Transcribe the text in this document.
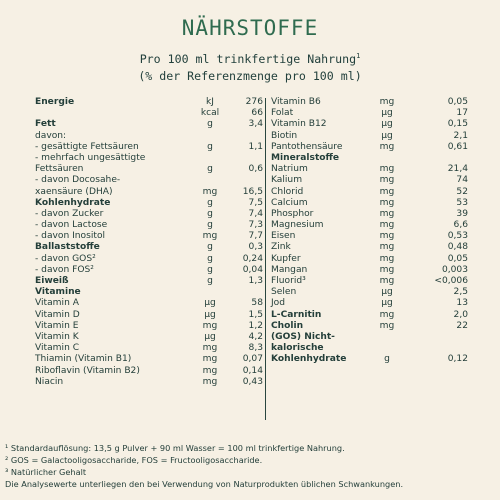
NÄHRSTOFFE
Pro 100 ml trinkfertige Nahrung$^1$
(% der Referenzmenge pro 100 ml)
Energie	kJ	276
kcal	66
Fett	g	3,4
davon:
- gesättigte Fettsäuren	g	1,1
- mehrfach ungesättigte
Fettsäuren	g	0,6
- davon Docosahe-
xaensäure (DHA)	mg	16,5
Kohlenhydrate	g	7,5
- davon Zucker	g	7,4
- davon Lactose	g	7,3
- davon Inositol	mg	7,7
Ballaststoffe	g	0,3
- davon GOS²	g	0,24
- davon FOS²	g	0,04
Eiweiß	g	1,3
Vitamine
Vitamin A	µg	58
Vitamin D	µg	1,5
Vitamin E	mg	1,2
Vitamin K	µg	4,2
Vitamin C	mg	8,3
Thiamin (Vitamin B1)	mg	0,07
Riboflavin (Vitamin B2)	mg	0,14
Niacin	mg	0,43
Vitamin B6	mg	0,05
Folat	µg	17
Vitamin B12	µg	0,15
Biotin	µg	2,1
Pantothensäure	mg	0,61
Mineralstoffe
Natrium	mg	21,4
Kalium	mg	74
Chlorid	mg	52
Calcium	mg	53
Phosphor	mg	39
Magnesium	mg	6,6
Eisen	mg	0,53
Zink	mg	0,48
Kupfer	mg	0,05
Mangan	mg	0,003
Fluorid³	mg	<0,006
Selen	µg	2,5
Jod	µg	13
L-Carnitin	mg	2,0
Cholin	mg	22
(GOS) Nicht-
kalorische
Kohlenhydrate	g	0,12
¹ Standardauflösung: 13,5 g Pulver + 90 ml Wasser = 100 ml trinkfertige Nahrung.
² GOS = Galactooligosaccharide, FOS = Fructooligosaccharide.
³ Natürlicher Gehalt
Die Analysewerte unterliegen den bei Verwendung von Naturprodukten üblichen Schwankungen.
